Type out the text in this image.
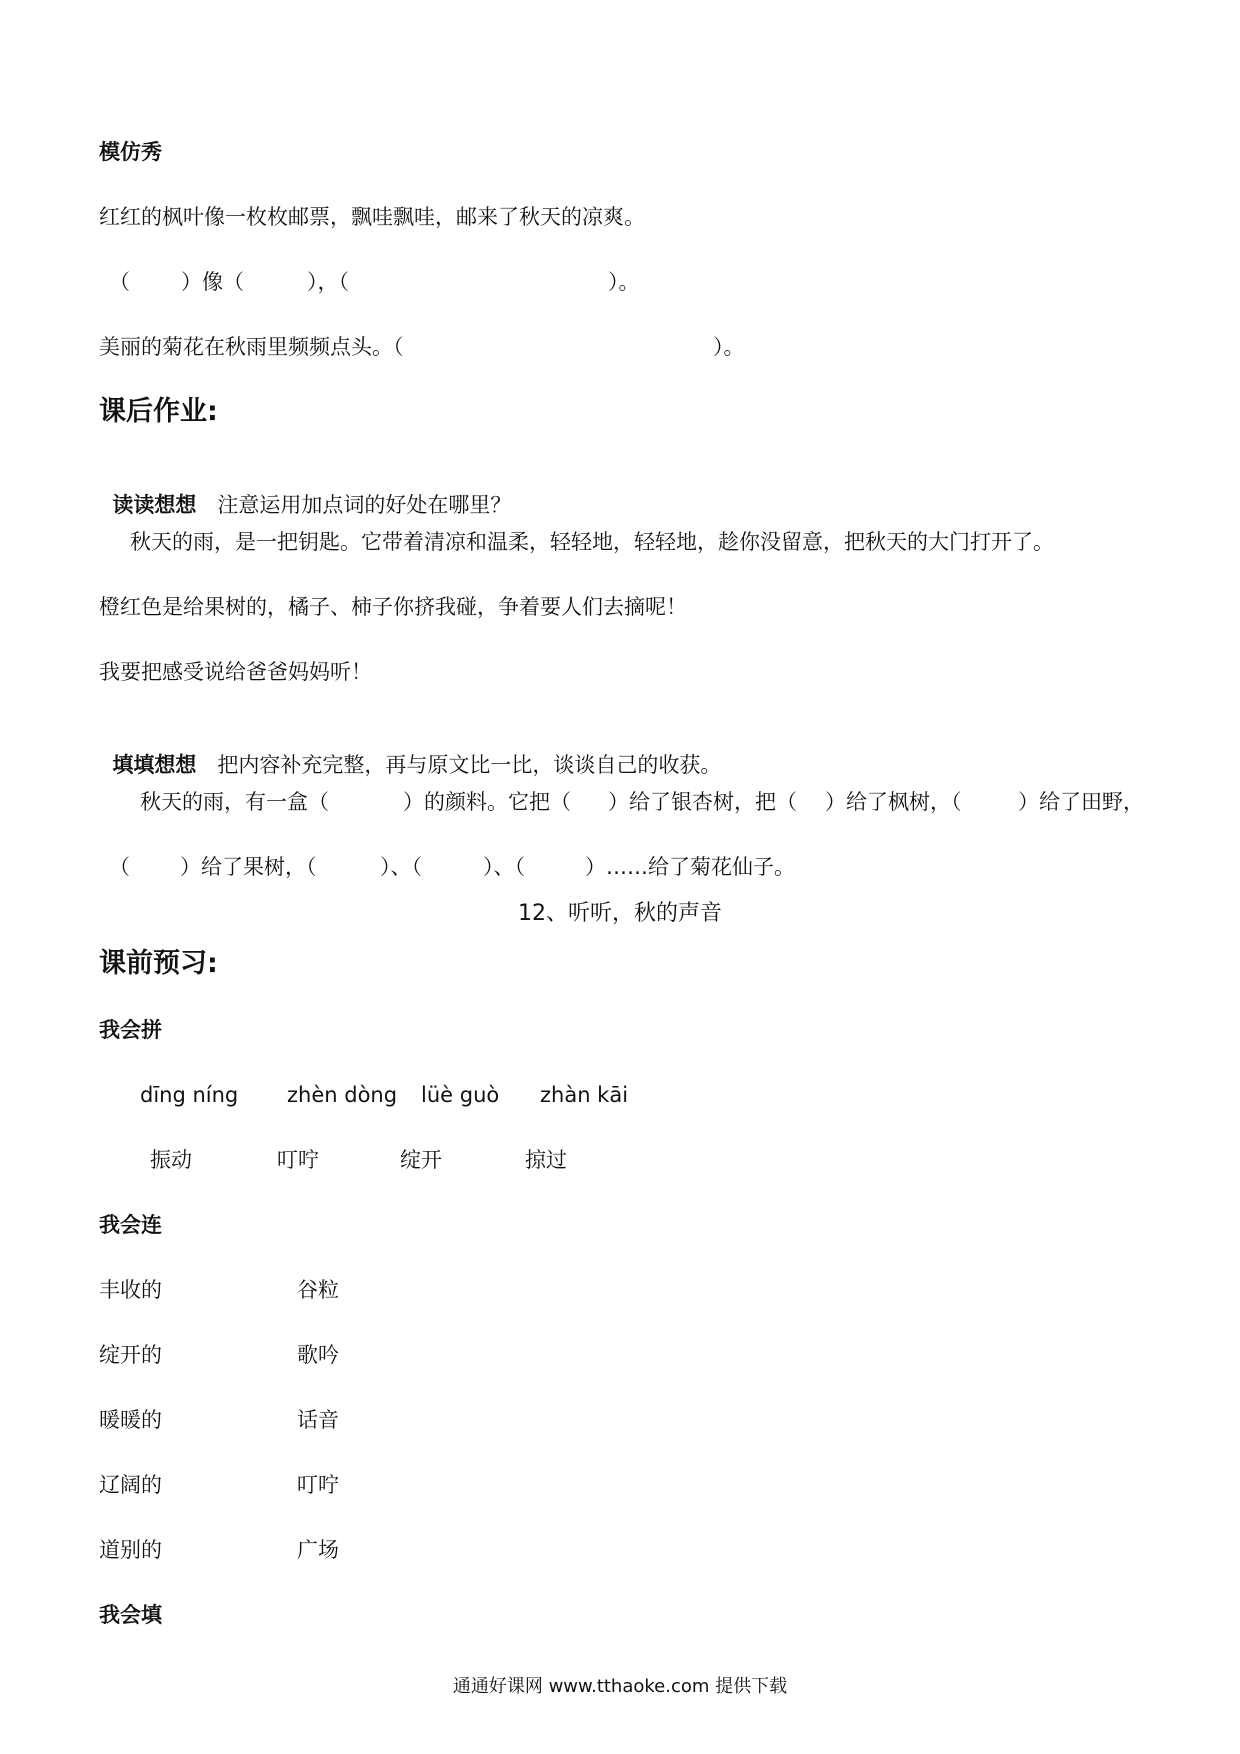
模仿秀
红红的枫叶像一枚枚邮票，飘哇飘哇，邮来了秋天的凉爽。
（ ）像（	），（	）。
美丽的菊花在秋雨里频频点头。（	）。
课后作业:

读读想想 注意运用加点词的好处在哪里？

秋天的雨，是一把钥匙。它带着清凉和温柔，轻轻地，轻轻地，趁你没留意，把秋天的大门打开了。
橙红色是给果树的，橘子、柿子你挤我碰，争着要人们去摘呢！
我要把感受说给爸爸妈妈听！

填填想想 把内容补充完整，再与原文比一比，谈谈自己的收获。

秋天的雨，有一盒（	）的颜料。它把（ ）给了银杏树，把（ ）给了枫树，（	）给了田野，
（ ）给了果树，（	）、（	）、（	）……给了菊花仙子。
12、听听，秋的声音
课前预习:
我会拼
dīng níng zhèn dòng lüè guò zhàn kāi
振动	叮咛	绽开	掠过
我会连
丰收的	谷粒
绽开的	歌吟
暖暖的	话音
辽阔的	叮咛
道别的	广场
我会填
通通好课网 www.tthaoke.com 提供下载
